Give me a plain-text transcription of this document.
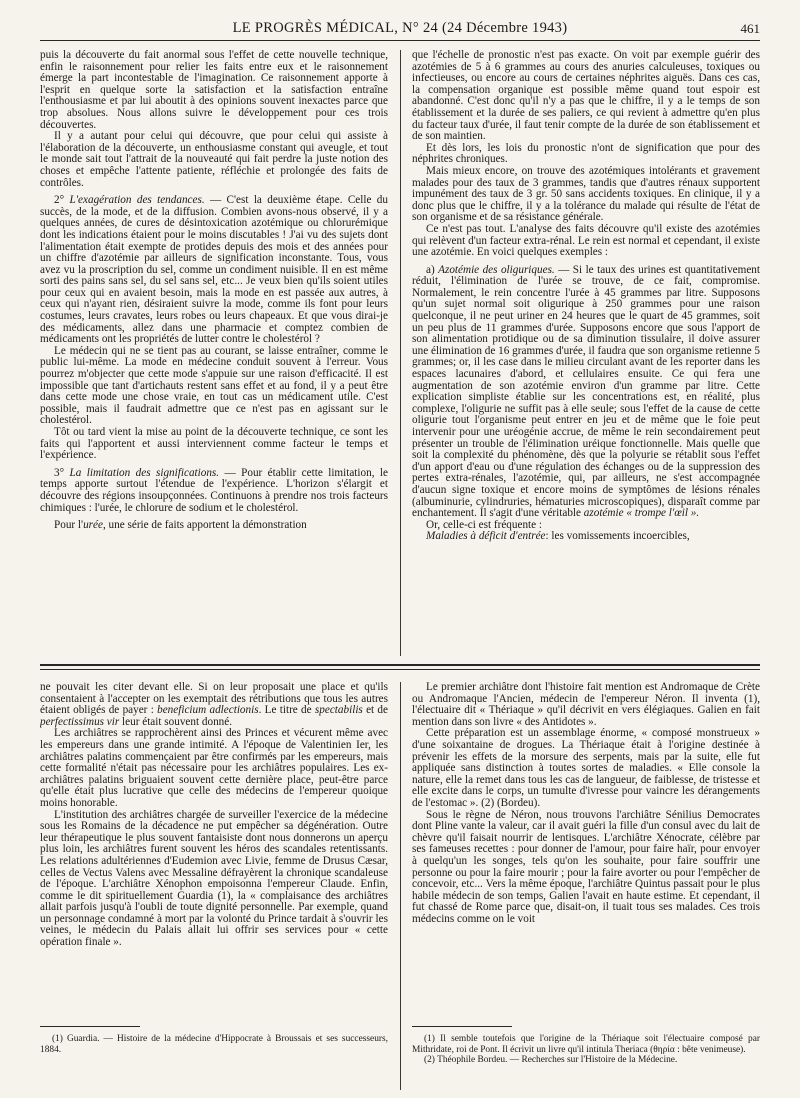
LE PROGRÈS MÉDICAL, N° 24 (24 Décembre 1943)	461

puis la découverte du fait anormal sous l'effet de cette nouvelle technique, enfin le raisonnement pour relier les faits entre eux et le raisonnement émerge la part incontestable de l'imagination. Ce raisonnement apporte à l'esprit en quelque sorte la satisfaction et la satisfaction entraîne l'enthousiasme et par lui aboutit à des opinions souvent inexactes parce que trop absolues. Nous allons suivre le développement pour ces trois découvertes.

Il y a autant pour celui qui découvre, que pour celui qui assiste à l'élaboration de la découverte, un enthousiasme constant qui aveugle, et tout le monde sait tout l'attrait de la nouveauté qui fait perdre la juste notion des choses et empêche l'attente patiente, réfléchie et prolongée des faits de contrôles.

2° L'exagération des tendances. — C'est la deuxième étape. Celle du succès, de la mode, et de la diffusion. Combien avons-nous observé, il y a quelques années, de cures de désintoxication azotémique ou chlorurémique dont les indications étaient pour le moins discutables ! J'ai vu des sujets dont l'alimentation était exempte de protides depuis des mois et des années pour un chiffre d'azotémie par ailleurs de signification inconstante. Tous, vous avez vu la proscription du sel, comme un condiment nuisible. Il en est même sorti des pains sans sel, du sel sans sel, etc... Je veux bien qu'ils soient utiles pour ceux qui en avaient besoin, mais la mode en est passée aux autres, à ceux qui n'ayant rien, désiraient suivre la mode, comme ils font pour leurs costumes, leurs cravates, leurs robes ou leurs chapeaux. Et que vous dirai-je des médicaments, allez dans une pharmacie et comptez combien de médicaments ont les propriétés de lutter contre le cholestérol ?

Le médecin qui ne se tient pas au courant, se laisse entraîner, comme le public lui-même. La mode en médecine conduit souvent à l'erreur. Vous pourrez m'objecter que cette mode s'appuie sur une raison d'efficacité. Il est impossible que tant d'artichauts restent sans effet et au fond, il y a peut être dans cette mode une chose vraie, en tout cas un médicament utile. C'est possible, mais il faudrait admettre que ce n'est pas en agissant sur le cholestérol.

Tôt ou tard vient la mise au point de la découverte technique, ce sont les faits qui l'apportent et aussi interviennent comme facteur le temps et l'expérience.

3° La limitation des significations. — Pour établir cette limitation, le temps apporte surtout l'étendue de l'expérience. L'horizon s'élargit et découvre des régions insoupçonnées. Continuons à prendre nos trois facteurs chimiques : l'urée, le chlorure de sodium et le cholestérol.

Pour l'urée, une série de faits apportent la démonstration

que l'échelle de pronostic n'est pas exacte. On voit par exemple guérir des azotémies de 5 à 6 grammes au cours des anuries calculeuses, toxiques ou infectieuses, ou encore au cours de certaines néphrites aiguës. Dans ces cas, la compensation organique est possible même quand tout espoir est abandonné. C'est donc qu'il n'y a pas que le chiffre, il y a le temps de son établissement et la durée de ses paliers, ce qui revient à admettre qu'en plus du facteur taux d'urée, il faut tenir compte de la durée de son établissement et de son maintien.

Et dès lors, les lois du pronostic n'ont de signification que pour des néphrites chroniques.

Mais mieux encore, on trouve des azotémiques intolérants et gravement malades pour des taux de 3 grammes, tandis que d'autres rénaux supportent impunément des taux de 3 gr. 50 sans accidents toxiques. En clinique, il y a donc plus que le chiffre, il y a la tolérance du malade qui résulte de l'état de son organisme et de sa résistance générale.

Ce n'est pas tout. L'analyse des faits découvre qu'il existe des azotémies qui relèvent d'un facteur extra-rénal. Le rein est normal et cependant, il existe une azotémie. En voici quelques exemples :

a) Azotémie des oliguriques. — Si le taux des urines est quantitativement réduit, l'élimination de l'urée se trouve, de ce fait, compromise. Normalement, le rein concentre l'urée à 45 grammes par litre. Supposons qu'un sujet normal soit oligurique à 250 grammes pour une raison quelconque, il ne peut uriner en 24 heures que le quart de 45 grammes, soit un peu plus de 11 grammes d'urée. Supposons encore que sous l'apport de son alimentation protidique ou de sa diminution tissulaire, il doive assurer une élimination de 16 grammes d'urée, il faudra que son organisme retienne 5 grammes; or, il les case dans le milieu circulant avant de les reporter dans les espaces lacunaires d'abord, et cellulaires ensuite. Ce qui fera une augmentation de son azotémie environ d'un gramme par litre. Cette explication simpliste établie sur les concentrations est, en réalité, plus complexe, l'oligurie ne suffit pas à elle seule; sous l'effet de la cause de cette oligurie tout l'organisme peut entrer en jeu et de même que le foie peut intervenir pour une uréogénie accrue, de même le rein secondairement peut présenter un trouble de l'élimination uréique fonctionnelle. Mais quelle que soit la complexité du phénomène, dès que la polyurie se rétablit sous l'effet d'un apport d'eau ou d'une régulation des échanges ou de la suppression des pertes extra-rénales, l'azotémie, qui, par ailleurs, ne s'est accompagnée d'aucun signe toxique et encore moins de symptômes de lésions rénales (albuminurie, cylindruries, hématuries microscopiques), disparaît comme par enchantement. Il s'agit d'une véritable azotémie « trompe l'œil ».

Or, celle-ci est fréquente :

Maladies à déficit d'entrée: les vomissements incoercibles,

ne pouvait les citer devant elle. Si on leur proposait une place et qu'ils consentaient à l'accepter on les exemptait des rétributions que tous les autres étaient obligés de payer : beneficium adlectionis. Le titre de spectabilis et de perfectissimus vir leur était souvent donné.

Les archiâtres se rapprochèrent ainsi des Princes et vécurent même avec les empereurs dans une grande intimité. A l'époque de Valentinien Ier, les archiâtres palatins commençaient par être confirmés par les empereurs, mais cette formalité n'était pas nécessaire pour les archiâtres populaires. Les ex-archiâtres palatins briguaient souvent cette dernière place, peut-être parce qu'elle était plus lucrative que celle des médecins de l'empereur quoique moins honorable.

L'institution des archiâtres chargée de surveiller l'exercice de la médecine sous les Romains de la décadence ne put empêcher sa dégénération. Outre leur thérapeutique le plus souvent fantaisiste dont nous donnerons un aperçu plus loin, les archiâtres furent souvent les héros des scandales retentissants. Les relations adultériennes d'Eudemion avec Livie, femme de Drusus Cæsar, celles de Vectus Valens avec Messaline défrayèrent la chronique scandaleuse de l'époque. L'archiâtre Xénophon empoisonna l'empereur Claude. Enfin, comme le dit spirituellement Guardia (1), la « complaisance des archiâtres allait parfois jusqu'à l'oubli de toute dignité personnelle. Par exemple, quand un personnage condamné à mort par la volonté du Prince tardait à s'ouvrir les veines, le médecin du Palais allait lui offrir ses services pour « cette opération finale ».

Le premier archiâtre dont l'histoire fait mention est Andromaque de Crète ou Andromaque l'Ancien, médecin de l'empereur Néron. Il inventa (1), l'électuaire dit « Thériaque » qu'il décrivit en vers élégiaques. Galien en fait mention dans son livre « des Antidotes ».

Cette préparation est un assemblage énorme, « composé monstrueux » d'une soixantaine de drogues. La Thériaque était à l'origine destinée à prévenir les effets de la morsure des serpents, mais par la suite, elle fut appliquée sans distinction à toutes sortes de maladies. « Elle console la nature, elle la remet dans tous les cas de langueur, de faiblesse, de tristesse et elle excite dans le corps, un tumulte d'ivresse pour vaincre les dérangements de l'estomac ». (2) (Bordeu).

Sous le règne de Néron, nous trouvons l'archiâtre Sénilius Democrates dont Pline vante la valeur, car il avait guéri la fille d'un consul avec du lait de chèvre qu'il faisait nourrir de lentisques. L'archiâtre Xénocrate, célèbre par ses fameuses recettes : pour donner de l'amour, pour faire haïr, pour envoyer à quelqu'un les songes, tels qu'on les souhaite, pour faire souffrir une personne ou pour la faire mourir ; pour la faire avorter ou pour l'empêcher de concevoir, etc... Vers la même époque, l'archiâtre Quintus passait pour le plus habile médecin de son temps, Galien l'avait en haute estime. Et cependant, il fut chassé de Rome parce que, disait-on, il tuait tous ses malades. Ces trois médecins comme on le voit

(1) Guardia. — Histoire de la médecine d'Hippocrate à Broussais et ses successeurs, 1884.

(1) Il semble toutefois que l'origine de la Thériaque soit l'électuaire composé par Mithridate, roi de Pont. Il écrivit un livre qu'il intitula Theriaca (θηρία : bête venimeuse).

(2) Théophile Bordeu. — Recherches sur l'Histoire de la Médecine.
